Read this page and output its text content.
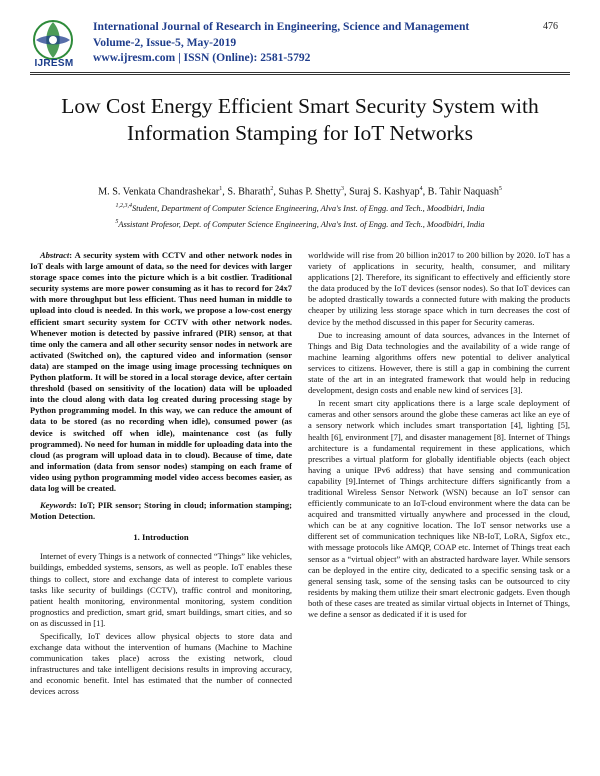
IJRESM
International Journal of Research in Engineering, Science and Management
Volume-2, Issue-5, May-2019
www.ijresm.com | ISSN (Online): 2581-5792
476
Low Cost Energy Efficient Smart Security System with Information Stamping for IoT Networks
M. S. Venkata Chandrashekar$^1$, S. Bharath$^2$, Suhas P. Shetty$^3$, Suraj S. Kashyap$^4$, B. Tahir Naquash$^5$
$^{1,2,3,4}$Student, Department of Computer Science Engineering, Alva's Inst. of Engg. and Tech., Moodbidri, India
$^5$Assistant Profesor, Dept. of Computer Science Engineering, Alva's Inst. of Engg. and Tech., Moodbidri, India

Abstract: A security system with CCTV and other network nodes in IoT deals with large amount of data, so the need for devices with larger storage space comes into the picture which is a bit costlier. Traditional security systems are more power consuming as it has to record for 24x7 with more throughput but less efficient. Thus need human in middle to upload into cloud is needed. In this work, we propose a low-cost energy efficient smart security system for CCTV with other network nodes. Whenever motion is detected by passive infrared (PIR) sensor, at that time only the camera and all other security sensor nodes in network are activated (Switched on), the captured video and information (sensor data) are stamped on the image using image processing techniques on Python platform. It will be stored in a local storage device, after certain threshold (based on sensitivity of the location) data will be uploaded into the cloud along with data log created during processing stage by Python programming model. In this way, we can reduce the amount of data to be stored (as no recording when idle), consumed power (as device is switched off when idle), maintenance cost (as fully programmed). No need for human in middle for uploading data into the cloud (as program will upload data in to cloud). Because of time, date and information (data from sensor nodes) stamping on each frame of video using python programming model video access becomes easier, as data log will be created.

Keywords: IoT; PIR sensor; Storing in cloud; information stamping; Motion Detection.

1. Introduction

Internet of every Things is a network of connected “Things” like vehicles, buildings, embedded systems, sensors, as well as people. IoT enables these things to collect, store and exchange data of interest to complete various tasks like security of buildings (CCTV), traffic control and monitoring, patient health monitoring, environmental monitoring, system condition prognostics and prediction, smart grid, smart buildings, smart cities, and so on as discussed in [1].

Specifically, IoT devices allow physical objects to store data and exchange data without the intervention of humans (Machine to Machine communication takes place) across the existing network, cloud infrastructures and take intelligent decisions results in improving accuracy, and economic benefit. Intel has estimated that the number of connected devices across

worldwide will rise from 20 billion in2017 to 200 billion by 2020. IoT has a variety of applications in security, health, consumer, and military applications [2]. Therefore, its significant to effectively and efficiently store the data produced by the IoT devices (sensor nodes). So that IoT devices can be adopted drastically towards a connected future with making the products cheaper by utilizing less storage space which in turn decreases the cost of device by the method discussed in this paper for Security cameras.

Due to increasing amount of data sources, advances in the Internet of Things and Big Data technologies and the availability of a wide range of machine learning algorithms offers new potential to deliver analytical services to citizens. However, there is still a gap in combining the current state of the art in an integrated framework that would help in reducing development, design costs and enable new kind of services [3].

In recent smart city applications there is a large scale deployment of cameras and other sensors around the globe these cameras act like an eye of a sensory network which includes smart transportation [4], lighting [5], health [6], environment [7], and disaster management [8]. Internet of Things architecture is a fundamental requirement in these applications, which prescribes a virtual platform for globally identifiable objects (each object having a unique IPv6 address) that have sensing and communication capability [9].Internet of Things architecture differs significantly from a traditional Wireless Sensor Network (WSN) because an IoT sensor can efficiently communicate to an IoT-cloud environment where the data can be acquired and transmitted virtually anywhere and processed in the cloud, which can be at any cognitive location. The IoT sensor networks use a different set of communication techniques like NB-IoT, LoRA, Sigfox etc., with message protocols like AMQP, COAP etc. Internet of Things treat each sensor as a “virtual object” with an abstracted hardware layer. While sensors can be deployed in the entire city, dedicated to a specific sensing task or a general sensing task, some of the sensing tasks can be outsourced to city residents by making them utilize their smart electronic gadgets. Even though both of these cases are treated as similar virtual objects in Internet of Things, we define a sensor as dedicated if it is used for
